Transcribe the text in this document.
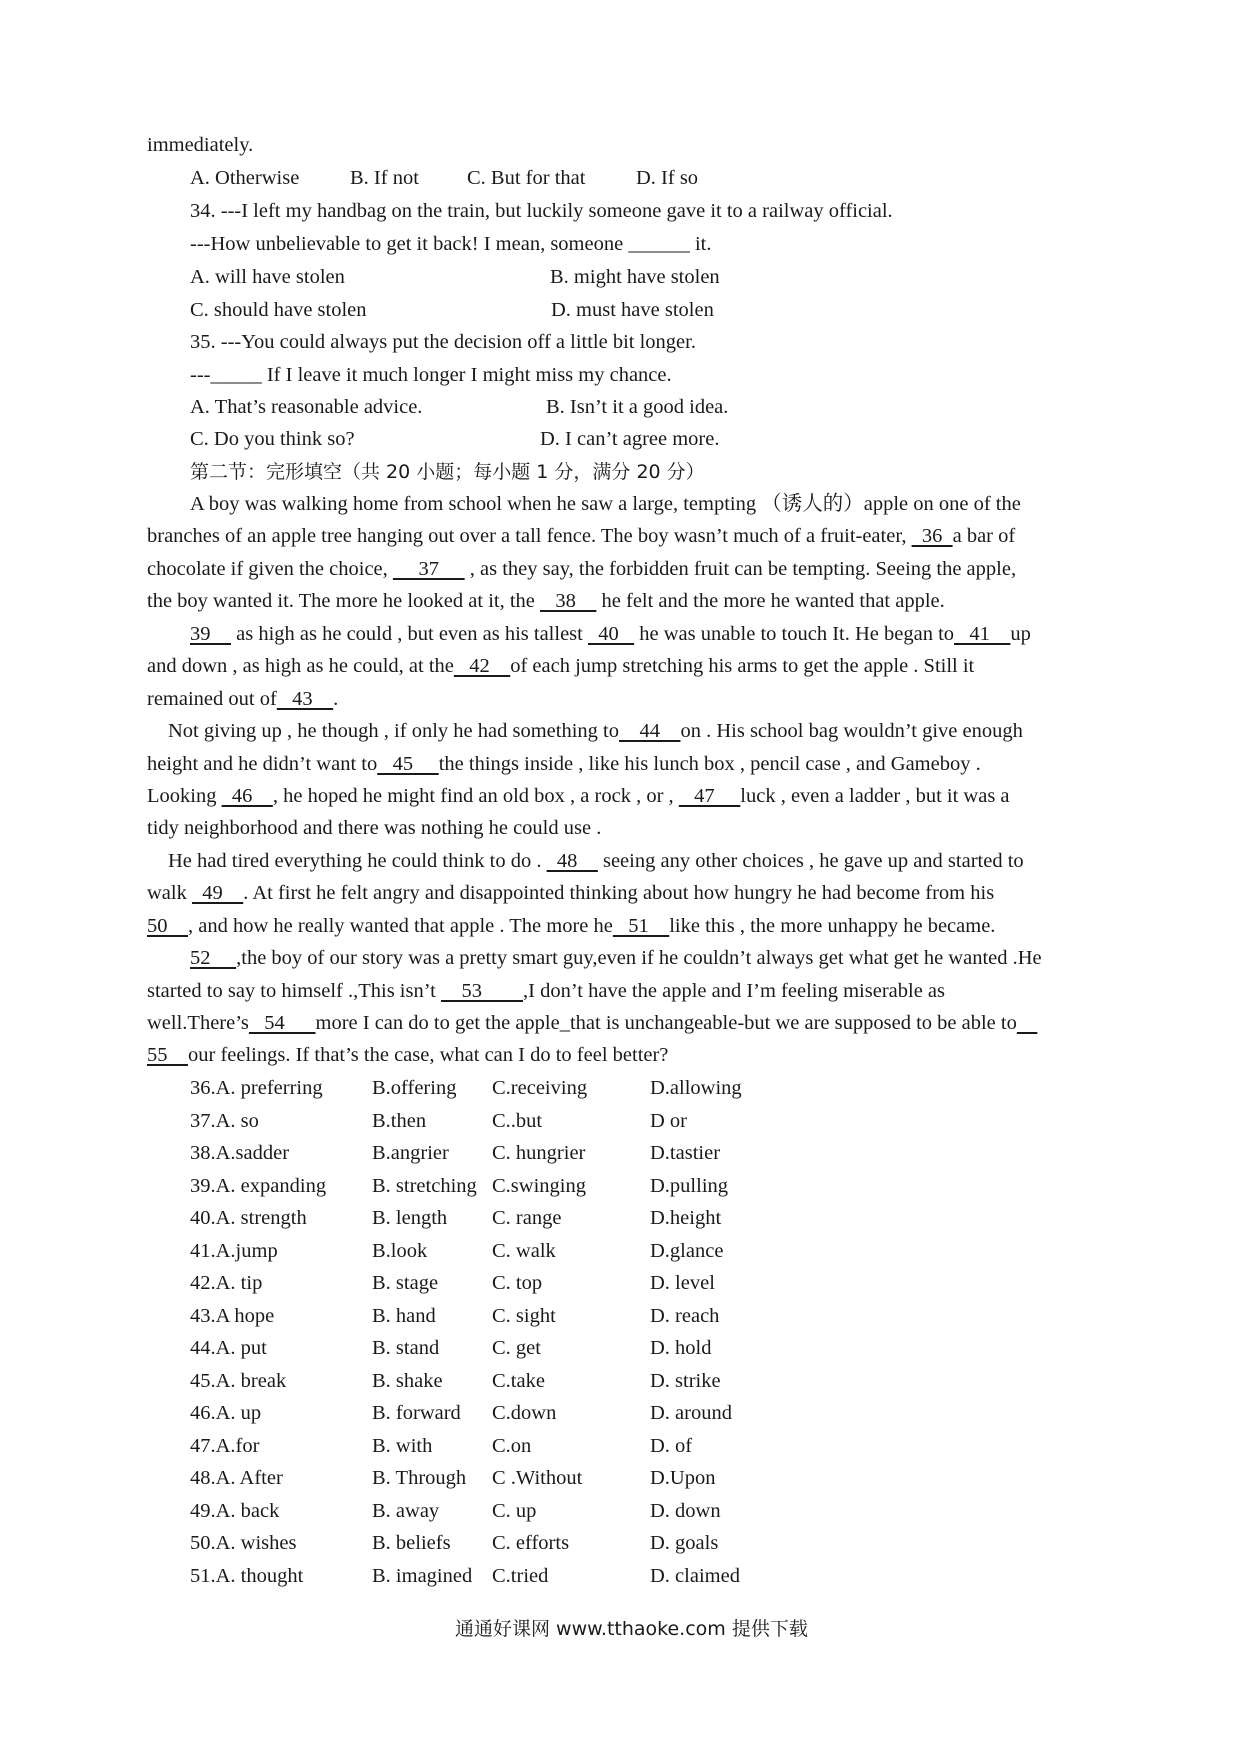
immediately.
A. Otherwise B. If not C. But for that D. If so
34. ---I left my handbag on the train, but luckily someone gave it to a railway official.
---How unbelievable to get it back! I mean, someone ______ it.
A. will have stolen	B. might have stolen
C. should have stolen	D. must have stolen
35. ---You could always put the decision off a little bit longer.
---_____ If I leave it much longer I might miss my chance.
A. That’s reasonable advice.	B. Isn’t it a good idea.
C. Do you think so?	D. I can’t agree more.
第二节：完形填空（共 20 小题；每小题 1 分，满分 20 分）
A boy was walking home from school when he saw a large, tempting （诱人的）apple on one of the
branches of an apple tree hanging out over a tall fence. The boy wasn’t much of a fruit-eater,   36  a bar of
chocolate if given the choice,      37      , as they say, the forbidden fruit can be tempting. Seeing the apple,
the boy wanted it. The more he looked at it, the    38     he felt and the more he wanted that apple.
39     as high as he could , but even as his tallest   40    he was unable to touch It. He began to   41    up
and down , as high as he could, at the   42    of each jump stretching his arms to get the apple . Still it
remained out of   43    .
Not giving up , he though , if only he had something to    44    on . His school bag wouldn’t give enough
height and he didn’t want to   45     the things inside , like his lunch box , pencil case , and Gameboy .
Looking   46    , he hoped he might find an old box , a rock , or ,    47     luck , even a ladder , but it was a
tidy neighborhood and there was nothing he could use .
He had tired everything he could think to do .   48     seeing any other choices , he gave up and started to
walk   49    . At first he felt angry and disappointed thinking about how hungry he had become from his
50    , and how he really wanted that apple . The more he   51    like this , the more unhappy he became.
52     ,the boy of our story was a pretty smart guy,even if he couldn’t always get what get he wanted .He
started to say to himself .,This isn’t     53        ,I don’t have the apple and I’m feeling miserable as
well.There’s   54      more I can do to get the apple_that is unchangeable-but we are supposed to be able to
55    our feelings. If that’s the case, what can I do to feel better?
36.A. preferring B.offering C.receiving	D.allowing
37.A. so	B.then	C..but	D or
38.A.sadder	B.angrier C. hungrier	D.tastier
39.A. expanding B. stretching C.swinging	D.pulling
40.A. strength	B. length C. range	D.height
41.A.jump	B.look	C. walk	D.glance
42.A. tip	B. stage	C. top	D. level
43.A hope	B. hand	C. sight	D. reach
44.A. put	B. stand	C. get	D. hold
45.A. break	B. shake C.take	D. strike
46.A. up	B. forward C.down	D. around
47.A.for	B. with	C.on	D. of
48.A. After	B. Through C .Without	D.Upon
49.A. back	B. away	C. up	D. down
50.A. wishes	B. beliefs C. efforts	D. goals
51.A. thought	B. imagined C.tried	D. claimed
通通好课网 www.tthaoke.com 提供下载
